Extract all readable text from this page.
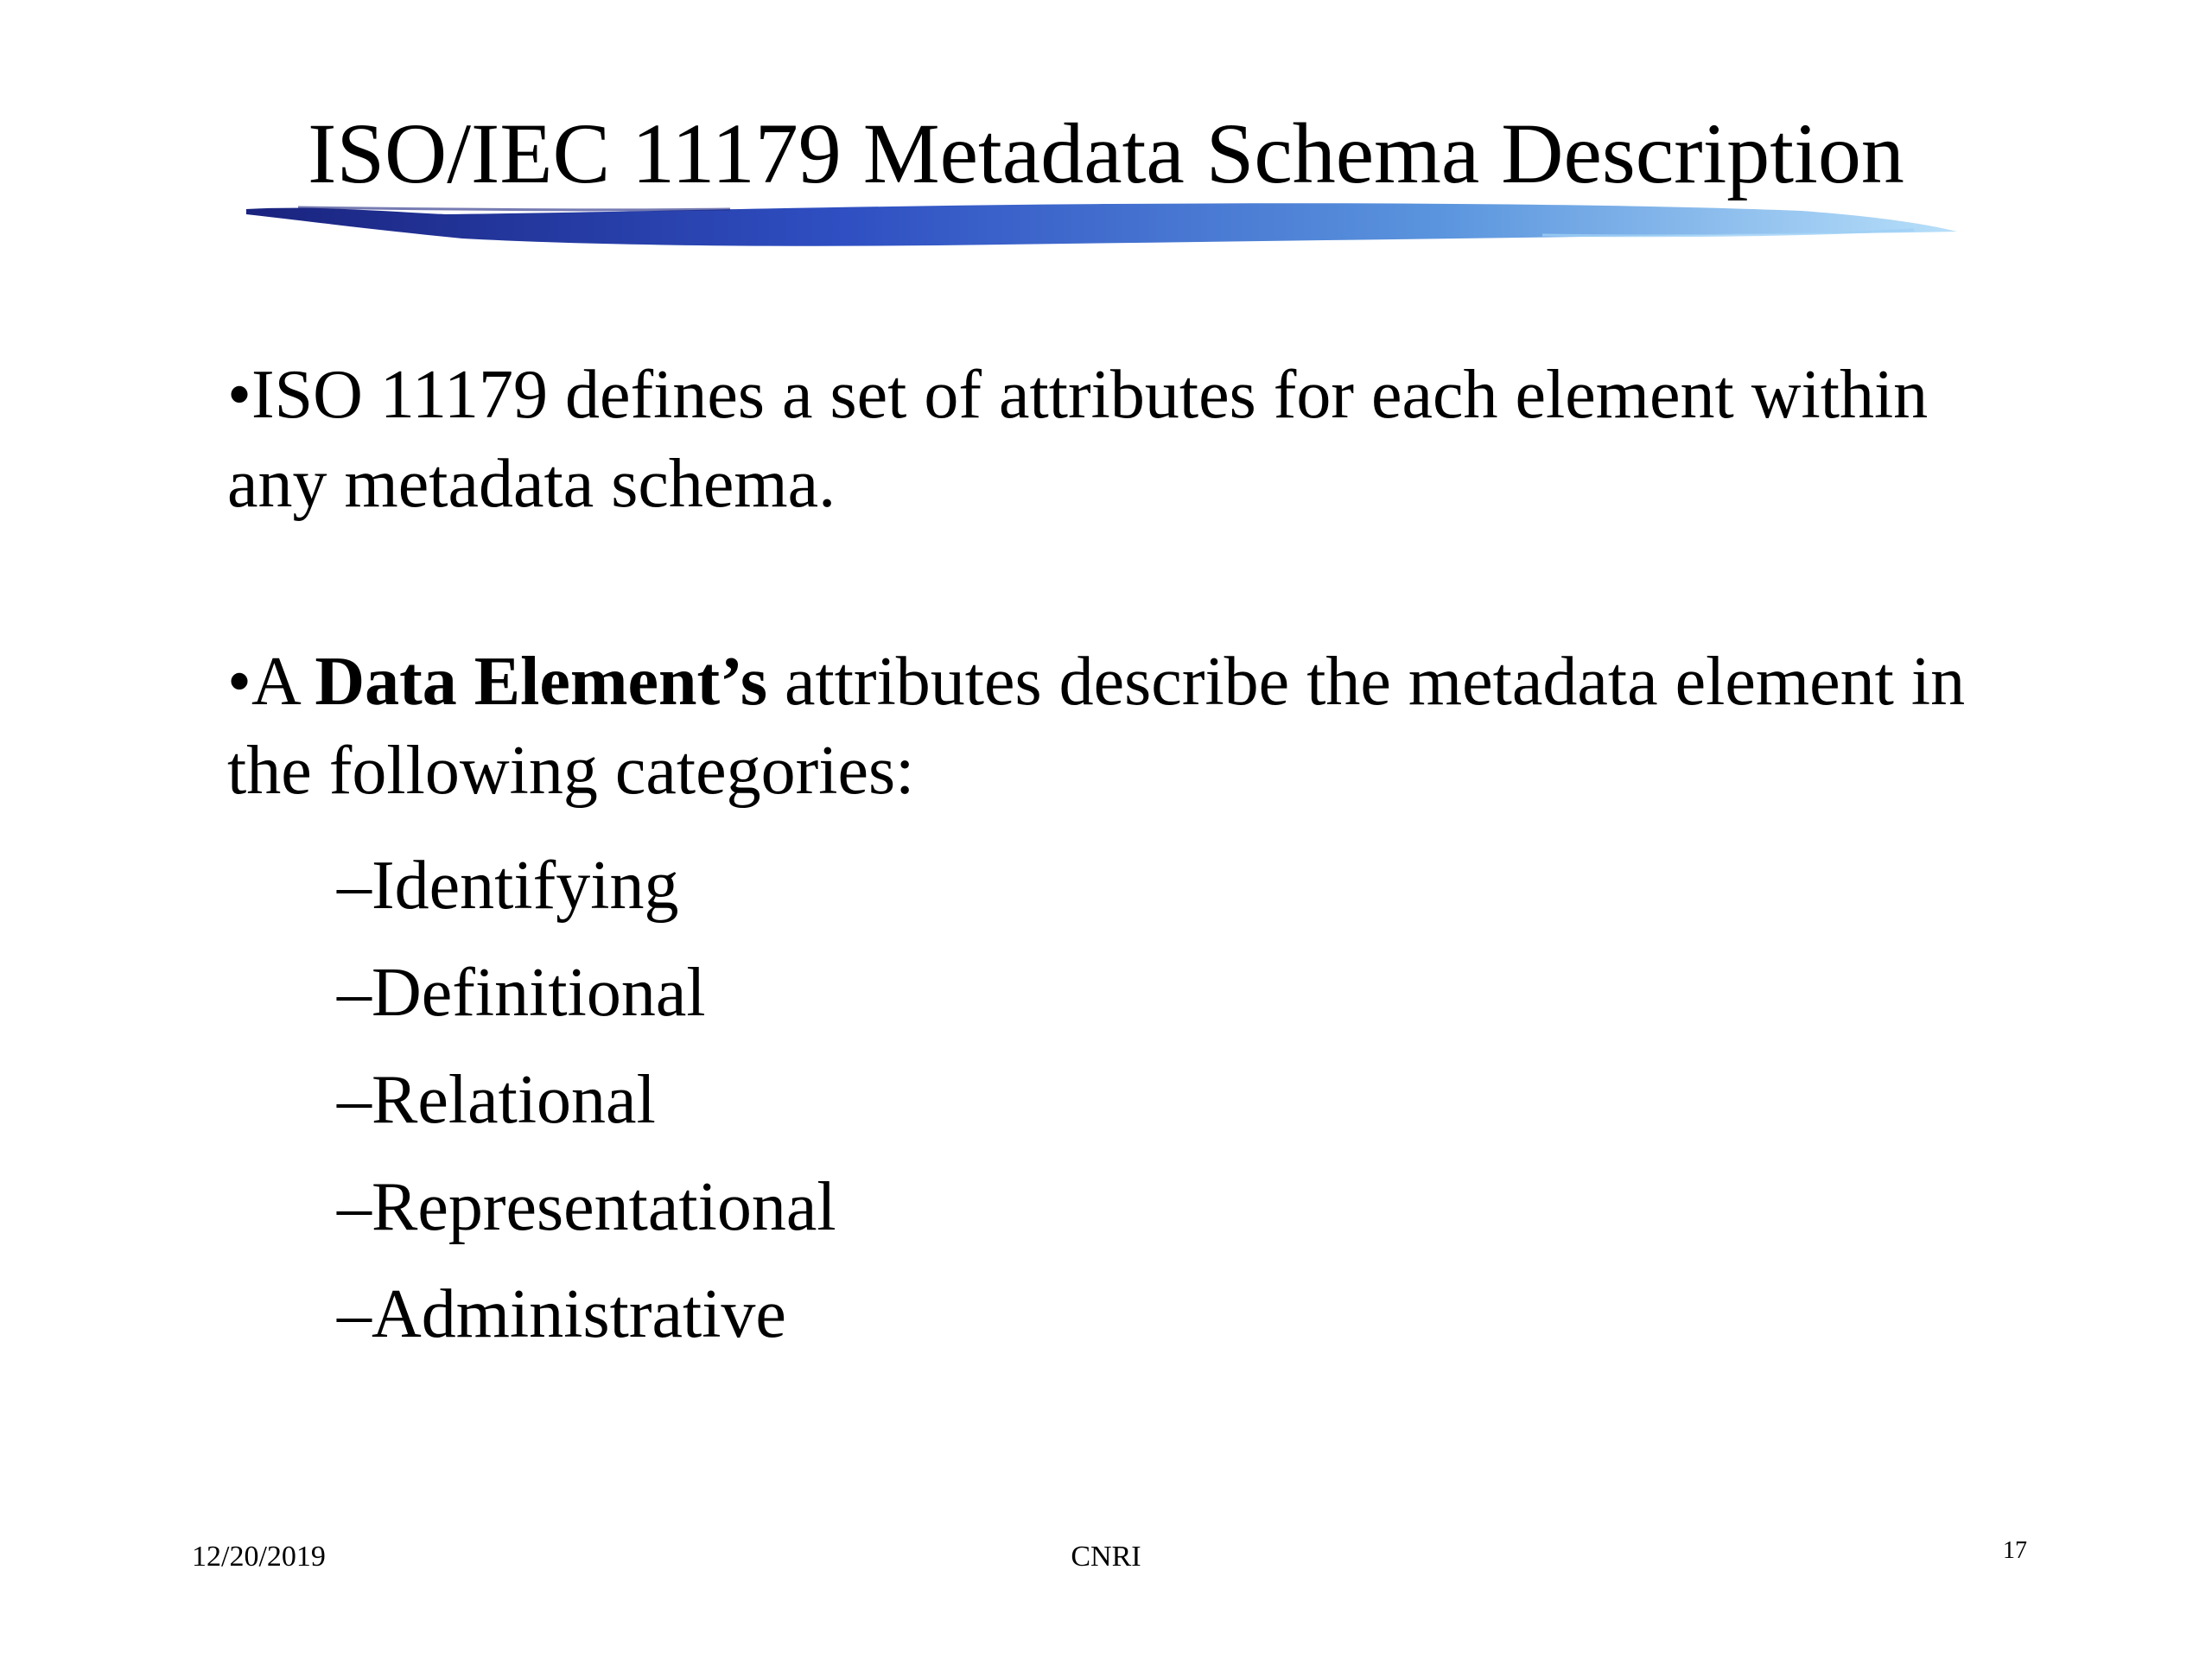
ISO/IEC 11179 Metadata Schema Description
•ISO 11179 defines a set of attributes for each element within any metadata schema.
•A Data Element’s attributes describe the metadata element in the following categories:
–Identifying
–Definitional
–Relational
–Representational
–Administrative
12/20/2019	CNRI	17
